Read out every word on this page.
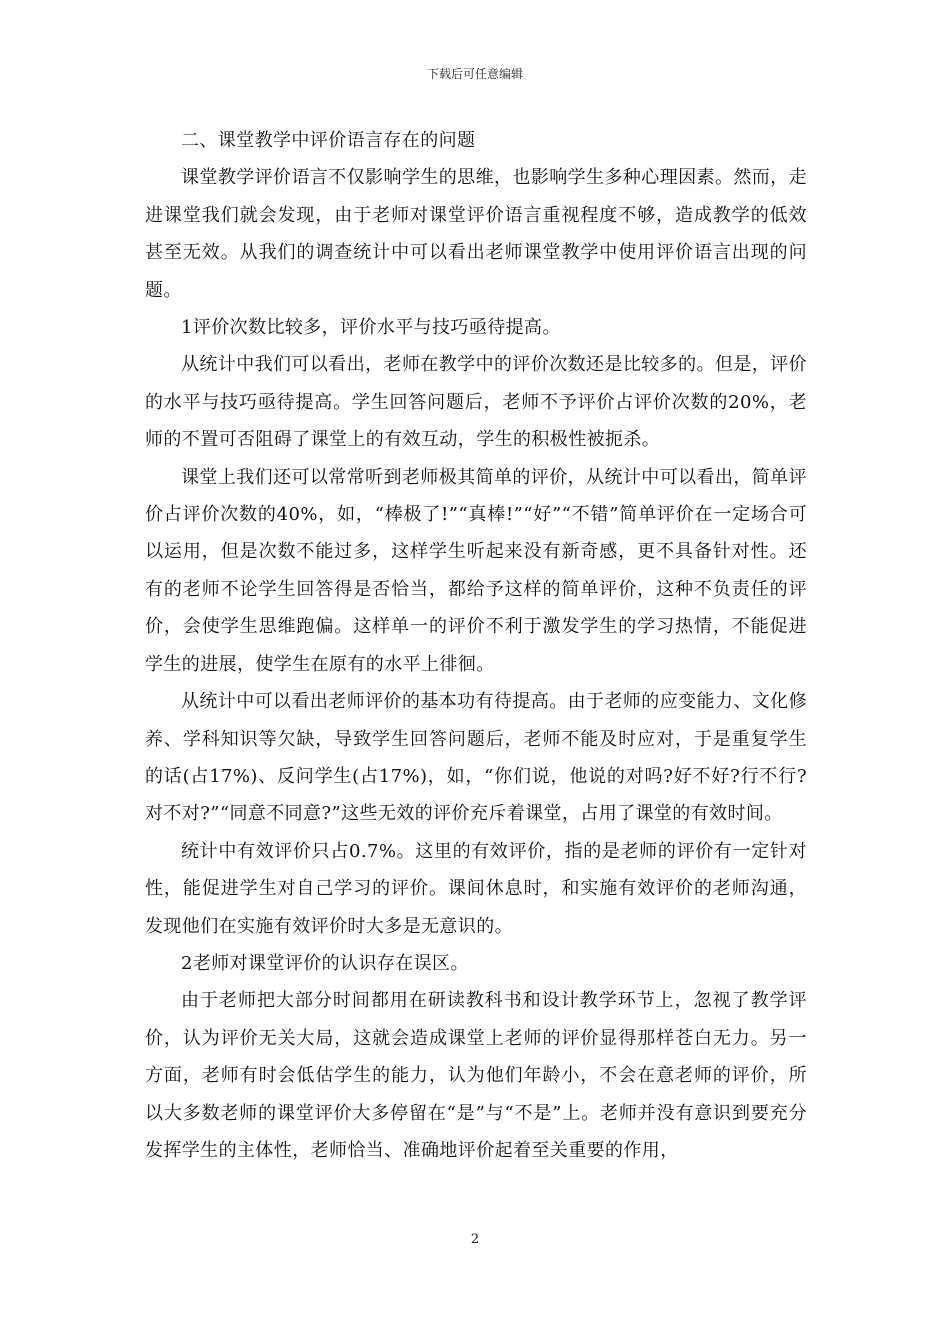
下载后可任意编辑

二、课堂教学中评价语言存在的问题

课堂教学评价语言不仅影响学生的思维，也影响学生多种心理因素。然而，走进课堂我们就会发现，由于老师对课堂评价语言重视程度不够，造成教学的低效甚至无效。从我们的调查统计中可以看出老师课堂教学中使用评价语言出现的问题。

1评价次数比较多，评价水平与技巧亟待提高。

从统计中我们可以看出，老师在教学中的评价次数还是比较多的。但是，评价的水平与技巧亟待提高。学生回答问题后，老师不予评价占评价次数的20%，老师的不置可否阻碍了课堂上的有效互动，学生的积极性被扼杀。

课堂上我们还可以常常听到老师极其简单的评价，从统计中可以看出，简单评价占评价次数的40%，如，“棒极了!”“真棒!”“好”“不错”简单评价在一定场合可以运用，但是次数不能过多，这样学生听起来没有新奇感，更不具备针对性。还有的老师不论学生回答得是否恰当，都给予这样的简单评价，这种不负责任的评价，会使学生思维跑偏。这样单一的评价不利于激发学生的学习热情，不能促进学生的进展，使学生在原有的水平上徘徊。

从统计中可以看出老师评价的基本功有待提高。由于老师的应变能力、文化修养、学科知识等欠缺，导致学生回答问题后，老师不能及时应对，于是重复学生的话(占17%)、反问学生(占17%)，如，“你们说，他说的对吗?好不好?行不行?对不对?”“同意不同意?”这些无效的评价充斥着课堂，占用了课堂的有效时间。

统计中有效评价只占0.7%。这里的有效评价，指的是老师的评价有一定针对性，能促进学生对自己学习的评价。课间休息时，和实施有效评价的老师沟通，发现他们在实施有效评价时大多是无意识的。

2老师对课堂评价的认识存在误区。

由于老师把大部分时间都用在研读教科书和设计教学环节上，忽视了教学评价，认为评价无关大局，这就会造成课堂上老师的评价显得那样苍白无力。另一方面，老师有时会低估学生的能力，认为他们年龄小，不会在意老师的评价，所以大多数老师的课堂评价大多停留在“是”与“不是”上。老师并没有意识到要充分发挥学生的主体性，老师恰当、准确地评价起着至关重要的作用，

2
